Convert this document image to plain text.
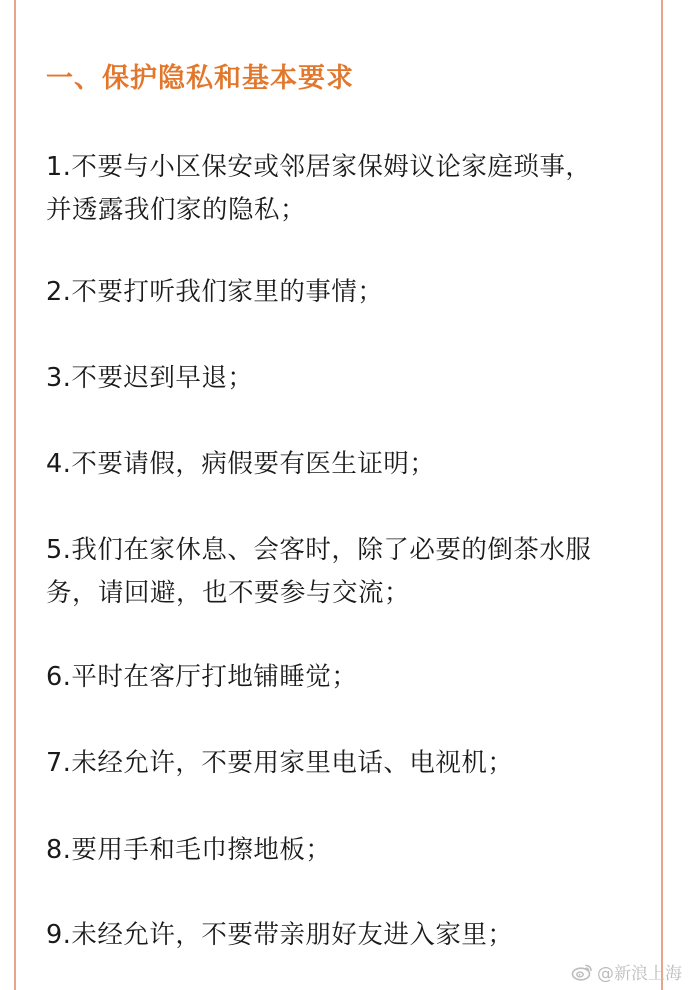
一、保护隐私和基本要求
1.不要与小区保安或邻居家保姆议论家庭琐事，
并透露我们家的隐私；
2.不要打听我们家里的事情；
3.不要迟到早退；
4.不要请假，病假要有医生证明；
5.我们在家休息、会客时，除了必要的倒茶水服
务，请回避，也不要参与交流；
6.平时在客厅打地铺睡觉；
7.未经允许，不要用家里电话、电视机；
8.要用手和毛巾擦地板；
9.未经允许，不要带亲朋好友进入家里；
@新浪上海
